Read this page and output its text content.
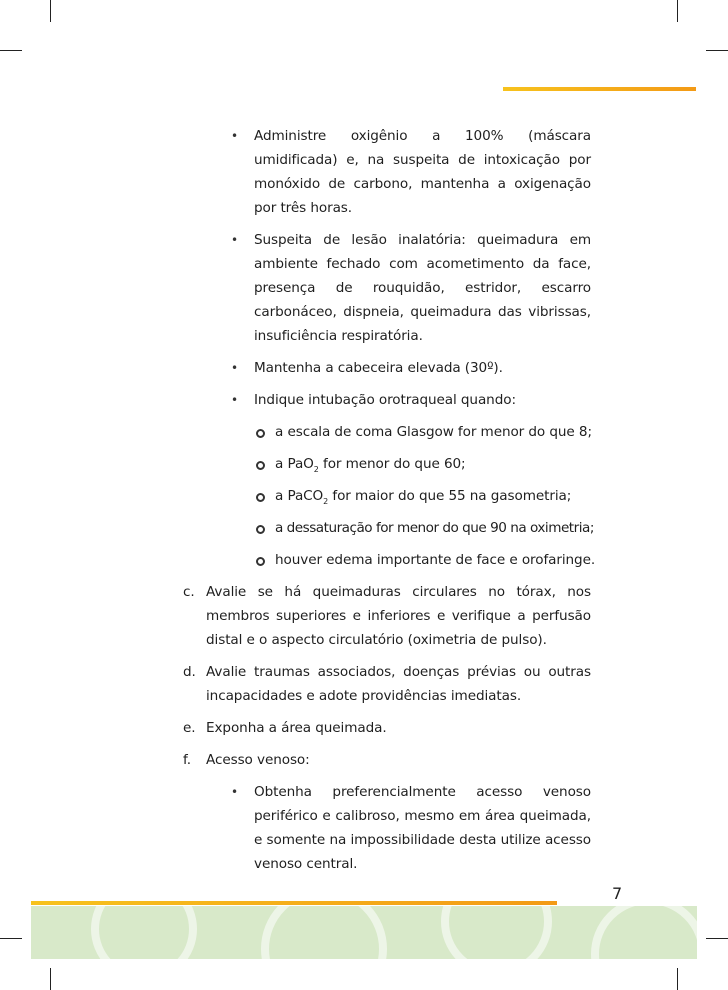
• Administre oxigênio a 100% (máscara umidificada) e, na suspeita de intoxicação por monóxido de carbono, mantenha a oxigenação por três horas.
• Suspeita de lesão inalatória: queimadura em ambiente fechado com acometimento da face, presença de rouquidão, estridor, escarro carbonáceo, dispneia, queimadura das vibrissas, insuficiência respiratória.
• Mantenha a cabeceira elevada (30º).
• Indique intubação orotraqueal quando:
a escala de coma Glasgow for menor do que 8;
a PaO$_2$ for menor do que 60;
a PaCO$_2$ for maior do que 55 na gasometria;
a dessaturação for menor do que 90 na oximetria;
houver edema importante de face e orofaringe.
c. Avalie se há queimaduras circulares no tórax, nos membros superiores e inferiores e verifique a perfusão distal e o aspecto circulatório (oximetria de pulso).
d. Avalie traumas associados, doenças prévias ou outras incapacidades e adote providências imediatas.
e. Exponha a área queimada.
f. Acesso venoso:
• Obtenha preferencialmente acesso venoso periférico e calibroso, mesmo em área queimada, e somente na impossibilidade desta utilize acesso venoso central.
7
